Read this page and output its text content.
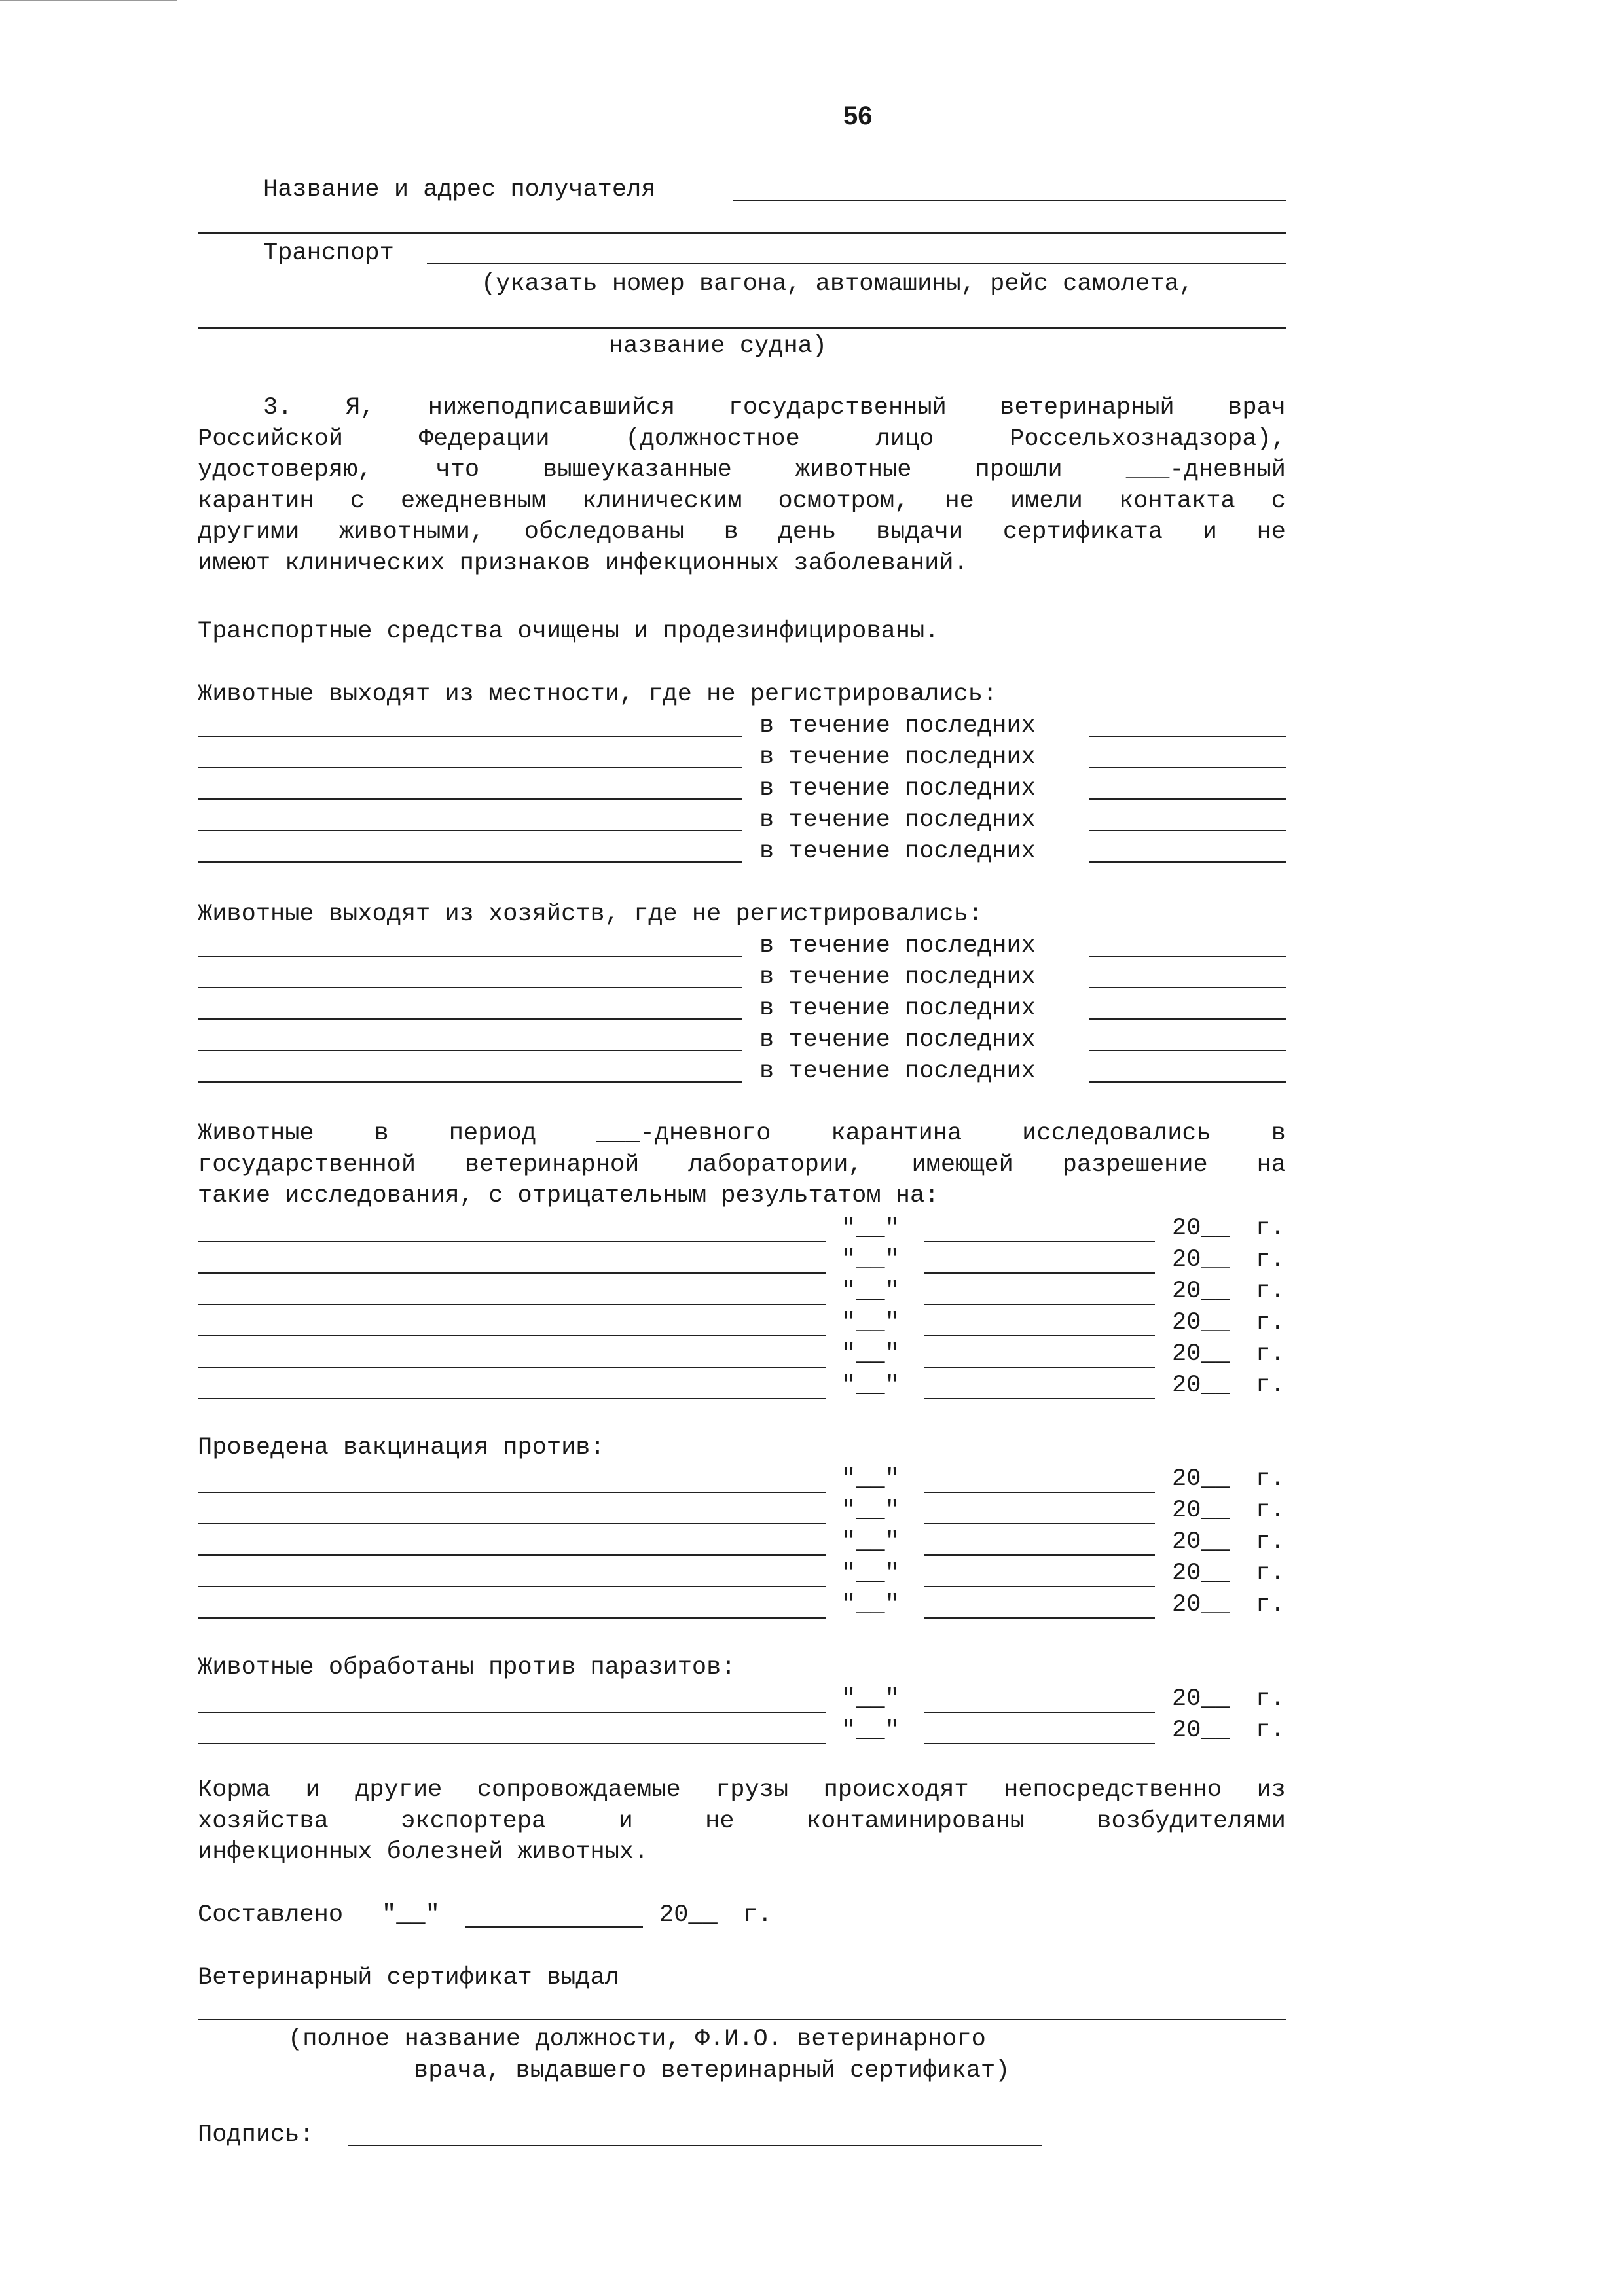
56
Название и адрес получателя
Транспорт
(указать номер вагона, автомашины, рейс самолета,
название судна)
3. Я, нижеподписавшийся государственный ветеринарный врач
Российской Федерации (должностное лицо Россельхознадзора),
удостоверяю, что вышеуказанные животные прошли ___-дневный
карантин с ежедневным клиническим осмотром, не имели контакта с
другими животными, обследованы в день выдачи сертификата и не
имеют клинических признаков инфекционных заболеваний.
Транспортные средства очищены и продезинфицированы.
Животные выходят из местности, где не регистрировались:
в течение последних
в течение последних
в течение последних
в течение последних
в течение последних
Животные выходят из хозяйств, где не регистрировались:
в течение последних
в течение последних
в течение последних
в течение последних
в течение последних
Животные в период ___-дневного карантина исследовались в
государственной ветеринарной лаборатории, имеющей разрешение на
такие исследования, с отрицательным результатом на:
"__"	20__ г.
"__"	20__ г.
"__"	20__ г.
"__"	20__ г.
"__"	20__ г.
"__"	20__ г.
Проведена вакцинация против:
"__"	20__ г.
"__"	20__ г.
"__"	20__ г.
"__"	20__ г.
"__"	20__ г.
Животные обработаны против паразитов:
"__"	20__ г.
"__"	20__ г.
Корма и другие сопровождаемые грузы происходят непосредственно из
хозяйства экспортера и не контаминированы возбудителями
инфекционных болезней животных.
Составлено "__"	20__ г.
Ветеринарный сертификат выдал
(полное название должности, Ф.И.О. ветеринарного
врача, выдавшего ветеринарный сертификат)
Подпись:
